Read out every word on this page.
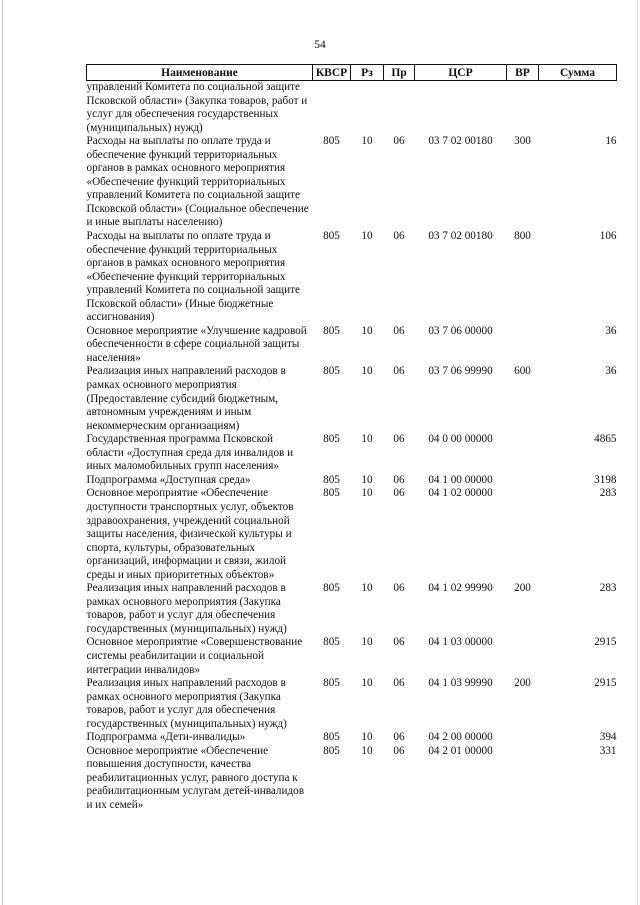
54
Наименование	КВСР	Рз	Пр	ЦСР	ВР	Сумма
управлений Комитета по социальной защите Псковской области» (Закупка товаров, работ и услуг для обеспечения государственных (муниципальных) нужд)						
Расходы на выплаты по оплате труда и обеспечение функций территориальных органов в рамках основного мероприятия «Обеспечение функций территориальных управлений Комитета по социальной защите Псковской области» (Социальное обеспечение и иные выплаты населению)	805	10	06	03 7 02 00180	300	16
Расходы на выплаты по оплате труда и обеспечение функций территориальных органов в рамках основного мероприятия «Обеспечение функций территориальных управлений Комитета по социальной защите Псковской области» (Иные бюджетные ассигнования)	805	10	06	03 7 02 00180	800	106
Основное мероприятие «Улучшение кадровой обеспеченности в сфере социальной защиты населения»	805	10	06	03 7 06 00000		36
Реализация иных направлений расходов в рамках основного мероприятия (Предоставление субсидий бюджетным, автономным учреждениям и иным некоммерческим организациям)	805	10	06	03 7 06 99990	600	36
Государственная программа Псковской области «Доступная среда для инвалидов и иных маломобильных групп населения»	805	10	06	04 0 00 00000		4865
Подпрограмма «Доступная среда»	805	10	06	04 1 00 00000		3198
Основное мероприятие «Обеспечение доступности транспортных услуг, объектов здравоохранения, учреждений социальной защиты населения, физической культуры и спорта, культуры, образовательных организаций, информации и связи, жилой среды и иных приоритетных объектов»	805	10	06	04 1 02 00000		283
Реализация иных направлений расходов в рамках основного мероприятия (Закупка товаров, работ и услуг для обеспечения государственных (муниципальных) нужд)	805	10	06	04 1 02 99990	200	283
Основное мероприятие «Совершенствование системы реабилитации и социальной интеграции инвалидов»	805	10	06	04 1 03 00000		2915
Реализация иных направлений расходов в рамках основного мероприятия (Закупка товаров, работ и услуг для обеспечения государственных (муниципальных) нужд)	805	10	06	04 1 03 99990	200	2915
Подпрограмма «Дети-инвалиды»	805	10	06	04 2 00 00000		394
Основное мероприятие «Обеспечение повышения доступности, качества реабилитационных услуг, равного доступа к реабилитационным услугам детей-инвалидов и их семей»	805	10	06	04 2 01 00000		331
